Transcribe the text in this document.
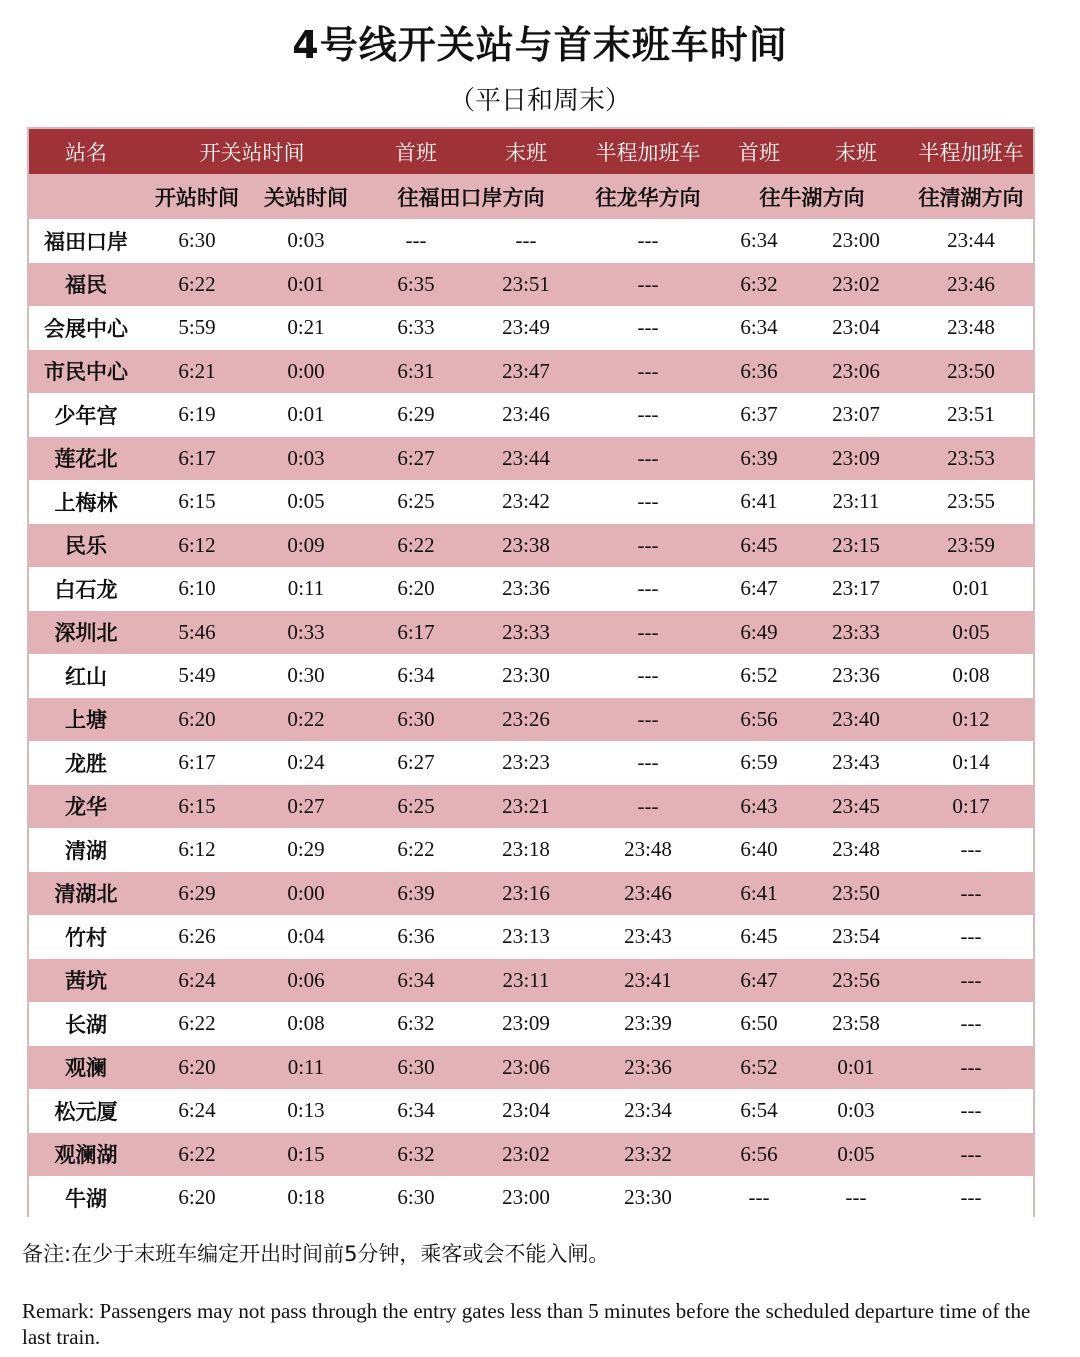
4号线开关站与首末班车时间
（平日和周末）
站名	开关站时间		首班	末班	半程加班车	首班	末班	半程加班车
	开站时间	关站时间	往福田口岸方向		往龙华方向	往牛湖方向		往清湖方向
福田口岸	6:30	0:03	---	---	---	6:34	23:00	23:44
福民	6:22	0:01	6:35	23:51	---	6:32	23:02	23:46
会展中心	5:59	0:21	6:33	23:49	---	6:34	23:04	23:48
市民中心	6:21	0:00	6:31	23:47	---	6:36	23:06	23:50
少年宫	6:19	0:01	6:29	23:46	---	6:37	23:07	23:51
莲花北	6:17	0:03	6:27	23:44	---	6:39	23:09	23:53
上梅林	6:15	0:05	6:25	23:42	---	6:41	23:11	23:55
民乐	6:12	0:09	6:22	23:38	---	6:45	23:15	23:59
白石龙	6:10	0:11	6:20	23:36	---	6:47	23:17	0:01
深圳北	5:46	0:33	6:17	23:33	---	6:49	23:33	0:05
红山	5:49	0:30	6:34	23:30	---	6:52	23:36	0:08
上塘	6:20	0:22	6:30	23:26	---	6:56	23:40	0:12
龙胜	6:17	0:24	6:27	23:23	---	6:59	23:43	0:14
龙华	6:15	0:27	6:25	23:21	---	6:43	23:45	0:17
清湖	6:12	0:29	6:22	23:18	23:48	6:40	23:48	---
清湖北	6:29	0:00	6:39	23:16	23:46	6:41	23:50	---
竹村	6:26	0:04	6:36	23:13	23:43	6:45	23:54	---
茜坑	6:24	0:06	6:34	23:11	23:41	6:47	23:56	---
长湖	6:22	0:08	6:32	23:09	23:39	6:50	23:58	---
观澜	6:20	0:11	6:30	23:06	23:36	6:52	0:01	---
松元厦	6:24	0:13	6:34	23:04	23:34	6:54	0:03	---
观澜湖	6:22	0:15	6:32	23:02	23:32	6:56	0:05	---
牛湖	6:20	0:18	6:30	23:00	23:30	---	---	---
备注:在少于末班车编定开出时间前5分钟，乘客或会不能入闸。
Remark: Passengers may not pass through the entry gates less than 5 minutes before the scheduled departure time of the last train.
